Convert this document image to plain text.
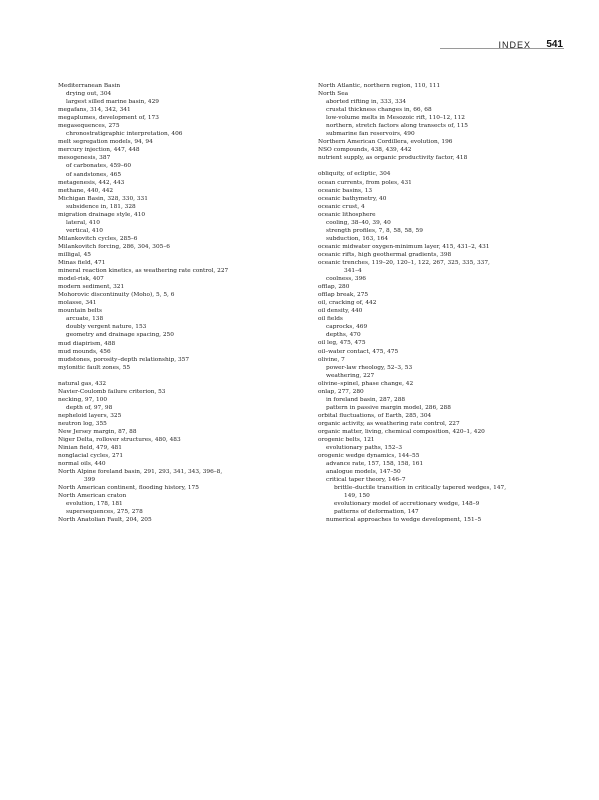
INDEX 541
Mediterranean Basin
drying out, 304
largest silled marine basin, 429
megafans, 314, 342, 341
megaplumes, development of, 173
megasequences, 275
chronostratigraphic interpretation, 406
melt segregation models, 94, 94
mercury injection, 447, 448
mesogenesis, 387
of carbonates, 459–60
of sandstones, 465
metagenesis, 442, 443
methane, 440, 442
Michigan Basin, 328, 330, 331
subsidence in, 181, 328
migration drainage style, 410
lateral, 410
vertical, 410
Milankovitch cycles, 285–6
Milankovitch forcing, 286, 304, 305–6
milligal, 45
Minas field, 471
mineral reaction kinetics, as weathering rate control, 227
model-risk, 407
modern sediment, 321
Mohorovic discontinuity (Moho), 5, 5, 6
molasse, 341
mountain belts
arcuate, 138
doubly vergent nature, 153
geometry and drainage spacing, 250
mud diapirism, 488
mud mounds, 456
mudstones, porosity–depth relationship, 357
mylonitic fault zones, 55
natural gas, 432
Navier-Coulomb failure criterion, 53
necking, 97, 100
depth of, 97, 98
nepheloid layers, 325
neutron log, 355
New Jersey margin, 87, 88
Niger Delta, rollover structures, 480, 483
Ninian field, 479, 481
nonglacial cycles, 271
normal oils, 440
North Alpine foreland basin, 291, 293, 341, 343, 396–8,
399
North American continent, flooding history, 175
North American craton
evolution, 178, 181
supersequences, 275, 278
North Anatolian Fault, 204, 205
North Atlantic, northern region, 110, 111
North Sea
aborted rifting in, 333, 334
crustal thickness changes in, 66, 68
low-volume melts in Mesozoic rift, 110–12, 112
northern, stretch factors along transects of, 115
submarine fan reservoirs, 490
Northern American Cordillera, evolution, 196
NSO compounds, 438, 439, 442
nutrient supply, as organic productivity factor, 418
obliquity, of ecliptic, 304
ocean currents, from poles, 431
oceanic basins, 13
oceanic bathymetry, 40
oceanic crust, 4
oceanic lithosphere
cooling, 38–40, 39, 40
strength profiles, 7, 8, 58, 58, 59
subduction, 163, 164
oceanic midwater oxygen-minimum layer, 415, 431–2, 431
oceanic rifts, high geothermal gradients, 398
oceanic trenches, 119–20, 120–1, 122, 267, 325, 335, 337,
341–4
coolness, 396
offlap, 280
offlap break, 275
oil, cracking of, 442
oil density, 440
oil fields
caprocks, 469
depths, 470
oil leg, 475, 475
oil–water contact, 475, 475
olivine, 7
power-law rheology, 52–3, 53
weathering, 227
olivine–spinel, phase change, 42
onlap, 277, 280
in foreland basin, 287, 288
pattern in passive margin model, 286, 288
orbital fluctuations, of Earth, 285, 304
organic activity, as weathering rate control, 227
organic matter, living, chemical composition, 420–1, 420
orogenic belts, 121
evolutionary paths, 152–3
orogenic wedge dynamics, 144–55
advance rate, 157, 158, 158, 161
analogue models, 147–50
critical taper theory, 146–7
brittle–ductile transition in critically tapered wedges, 147,
149, 150
evolutionary model of accretionary wedge, 148–9
patterns of deformation, 147
numerical approaches to wedge development, 151–5
